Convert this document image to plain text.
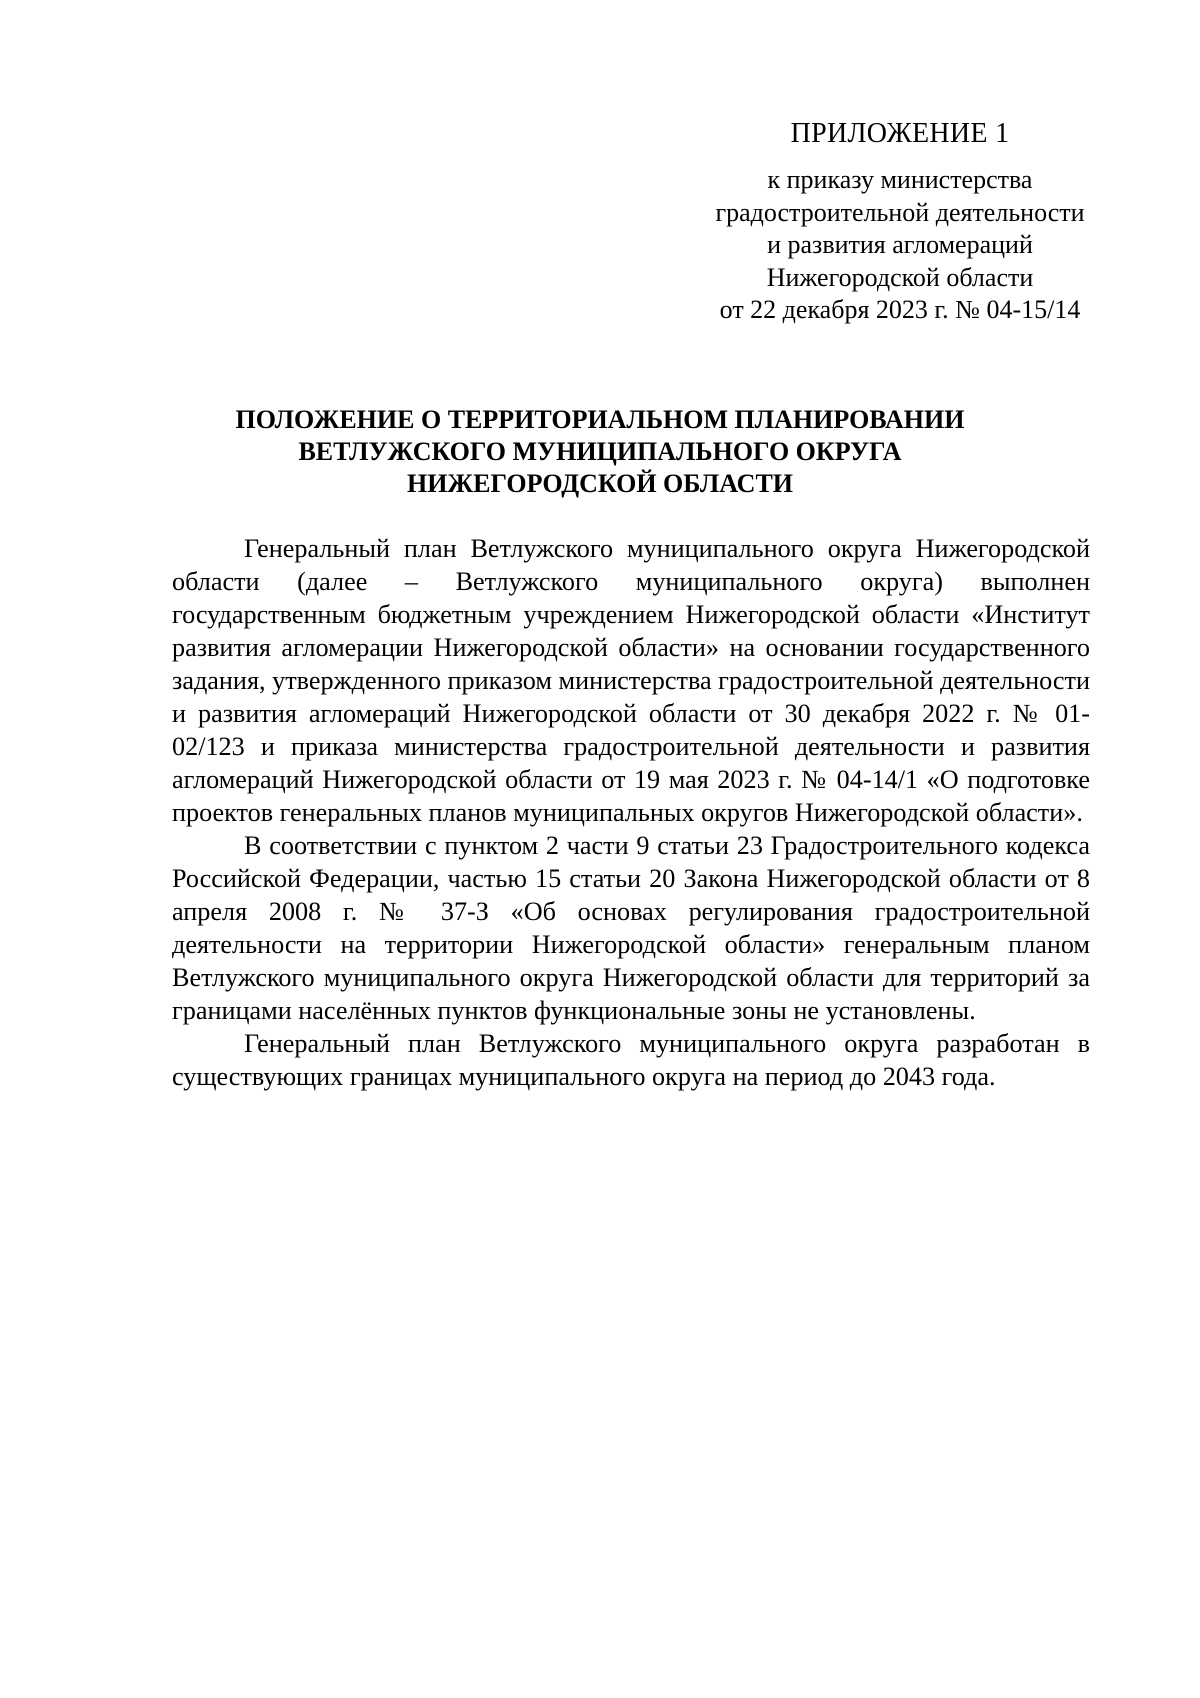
ПРИЛОЖЕНИЕ 1
к приказу министерства
градостроительной деятельности
и развития агломераций
Нижегородской области
от 22 декабря 2023 г. № 04-15/14
ПОЛОЖЕНИЕ О ТЕРРИТОРИАЛЬНОМ ПЛАНИРОВАНИИ
ВЕТЛУЖСКОГО МУНИЦИПАЛЬНОГО ОКРУГА
НИЖЕГОРОДСКОЙ ОБЛАСТИ

Генеральный план Ветлужского муниципального округа Нижегородской области (далее – Ветлужского муниципального округа) выполнен государственным бюджетным учреждением Нижегородской области «Институт развития агломерации Нижегородской области» на основании государственного задания, утвержденного приказом министерства градостроительной деятельности и развития агломераций Нижегородской области от 30 декабря 2022 г. № 01-02/123 и приказа министерства градостроительной деятельности и развития агломераций Нижегородской области от 19 мая 2023 г. № 04-14/1 «О подготовке проектов генеральных планов муниципальных округов Нижегородской области».

В соответствии с пунктом 2 части 9 статьи 23 Градостроительного кодекса Российской Федерации, частью 15 статьи 20 Закона Нижегородской области от 8 апреля 2008 г. № 37-З «Об основах регулирования градостроительной деятельности на территории Нижегородской области» генеральным планом Ветлужского муниципального округа Нижегородской области для территорий за границами населённых пунктов функциональные зоны не установлены.

Генеральный план Ветлужского муниципального округа разработан в существующих границах муниципального округа на период до 2043 года.
